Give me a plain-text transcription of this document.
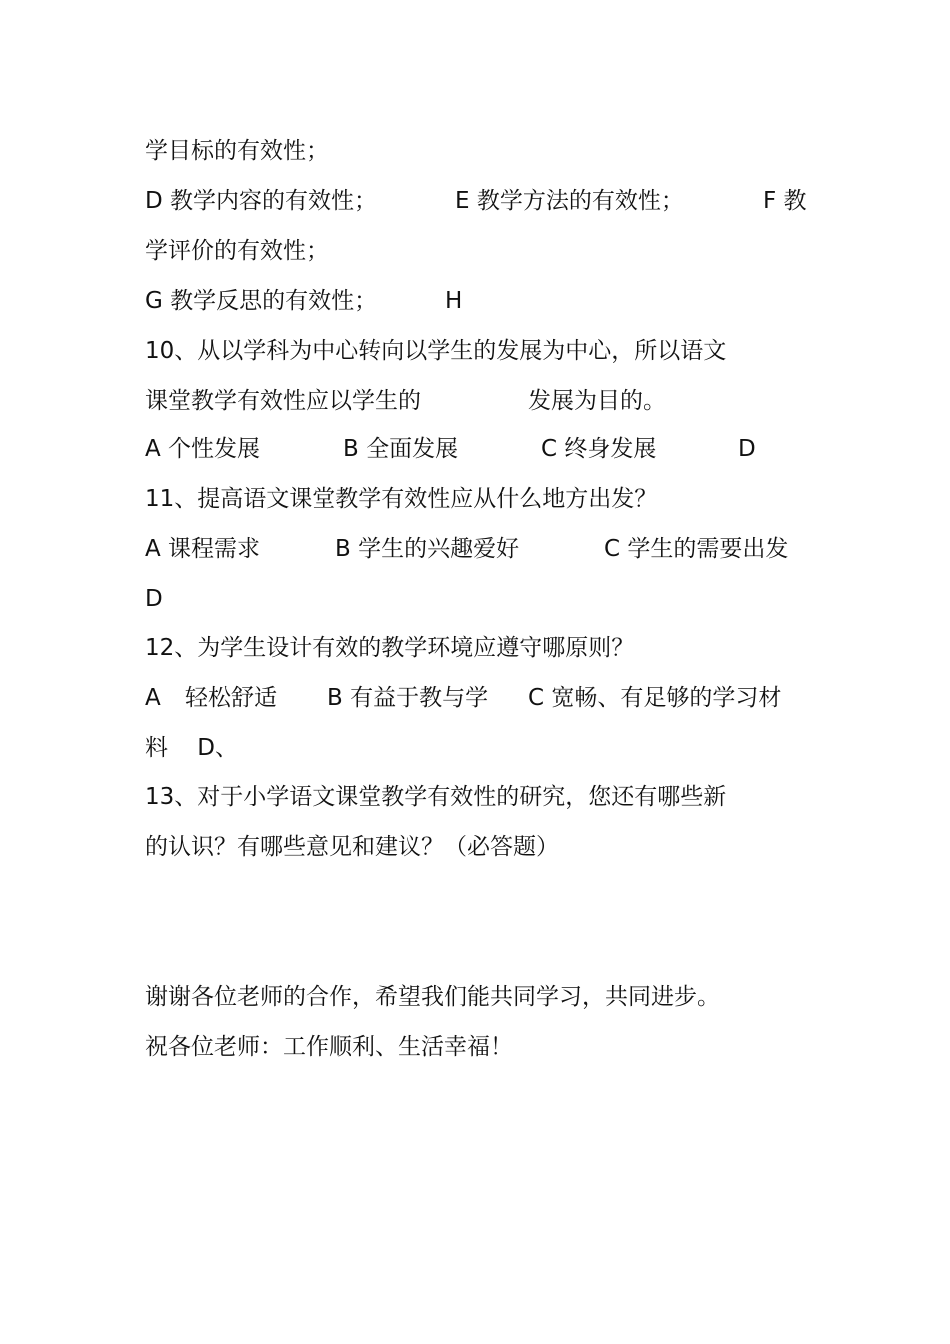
学目标的有效性；
D 教学内容的有效性；	E 教学方法的有效性；	F 教
学评价的有效性；
G 教学反思的有效性；	H
10、从以学科为中心转向以学生的发展为中心，所以语文
课堂教学有效性应以学生的	发展为目的。
A 个性发展	B 全面发展	C 终身发展	D
11、提高语文课堂教学有效性应从什么地方出发？
A 课程需求	B 学生的兴趣爱好	C 学生的需要出发
D
12、为学生设计有效的教学环境应遵守哪原则？
A	轻松舒适	B 有益于教与学	C 宽畅、有足够的学习材
料    D、
13、对于小学语文课堂教学有效性的研究，您还有哪些新
的认识？有哪些意见和建议？（必答题）
谢谢各位老师的合作，希望我们能共同学习，共同进步。
祝各位老师：工作顺利、生活幸福！
